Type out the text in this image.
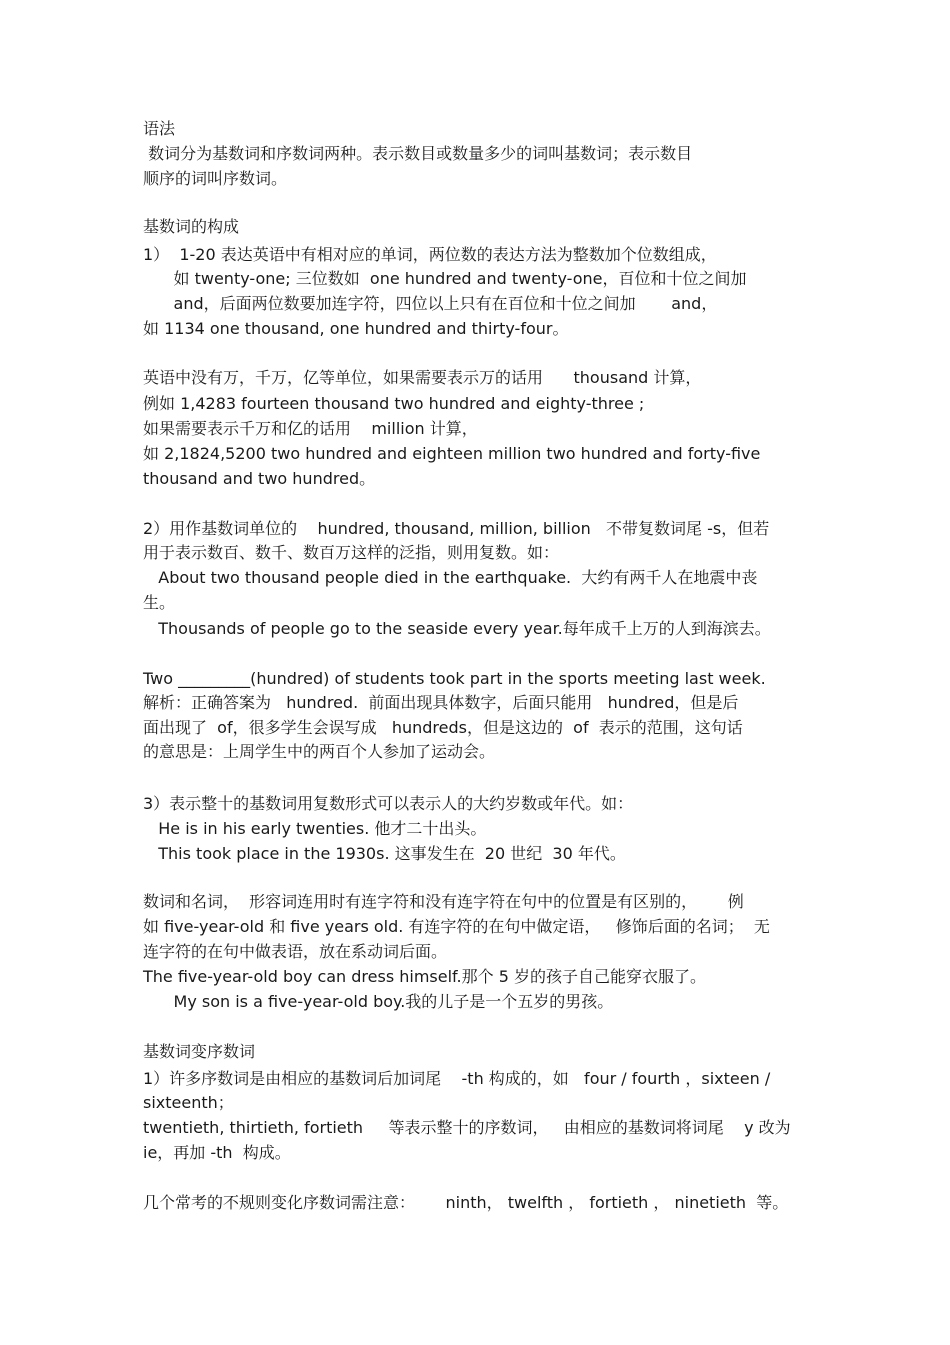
语法

数词分为基数词和序数词两种。表示数目或数量多少的词叫基数词；表示数目

顺序的词叫序数词。

基数词的构成

1）  1-20 表达英语中有相对应的单词，两位数的表达方法为整数加个位数组成，

如 twenty-one; 三位数如  one hundred and twenty-one，百位和十位之间加

and，后面两位数要加连字符，四位以上只有在百位和十位之间加       and，

如 1134 one thousand, one hundred and thirty-four。

英语中没有万，千万，亿等单位，如果需要表示万的话用      thousand 计算，

例如 1,4283 fourteen thousand two hundred and eighty-three ;

如果需要表示千万和亿的话用    million 计算，

如 2,1824,5200 two hundred and eighteen million two hundred and forty-five

thousand and two hundred。

2）用作基数词单位的    hundred, thousand, million, billion   不带复数词尾 -s，但若

用于表示数百、数千、数百万这样的泛指，则用复数。如：

About two thousand people died in the earthquake.  大约有两千人在地震中丧

生。

Thousands of people go to the seaside every year.每年成千上万的人到海滨去。

Two _________(hundred) of students took part in the sports meeting last week.

解析：正确答案为   hundred.  前面出现具体数字，后面只能用   hundred，但是后

面出现了  of，很多学生会误写成   hundreds，但是这边的  of  表示的范围，这句话

的意思是：上周学生中的两百个人参加了运动会。

3）表示整十的基数词用复数形式可以表示人的大约岁数或年代。如：

He is in his early twenties. 他才二十出头。

This took place in the 1930s. 这事发生在  20 世纪  30 年代。

数词和名词，  形容词连用时有连字符和没有连字符在句中的位置是有区别的，      例

如 five-year-old 和 five years old. 有连字符的在句中做定语，   修饰后面的名词；  无

连字符的在句中做表语，放在系动词后面。

The five-year-old boy can dress himself.那个 5 岁的孩子自己能穿衣服了。

My son is a five-year-old boy.我的儿子是一个五岁的男孩。

基数词变序数词

1）许多序数词是由相应的基数词后加词尾    -th 构成的，如   four / fourth ，sixteen /

sixteenth；

twentieth, thirtieth, fortieth     等表示整十的序数词，   由相应的基数词将词尾    y 改为

ie，再加 -th  构成。

几个常考的不规则变化序数词需注意：      ninth， twelfth ， fortieth ， ninetieth  等。
